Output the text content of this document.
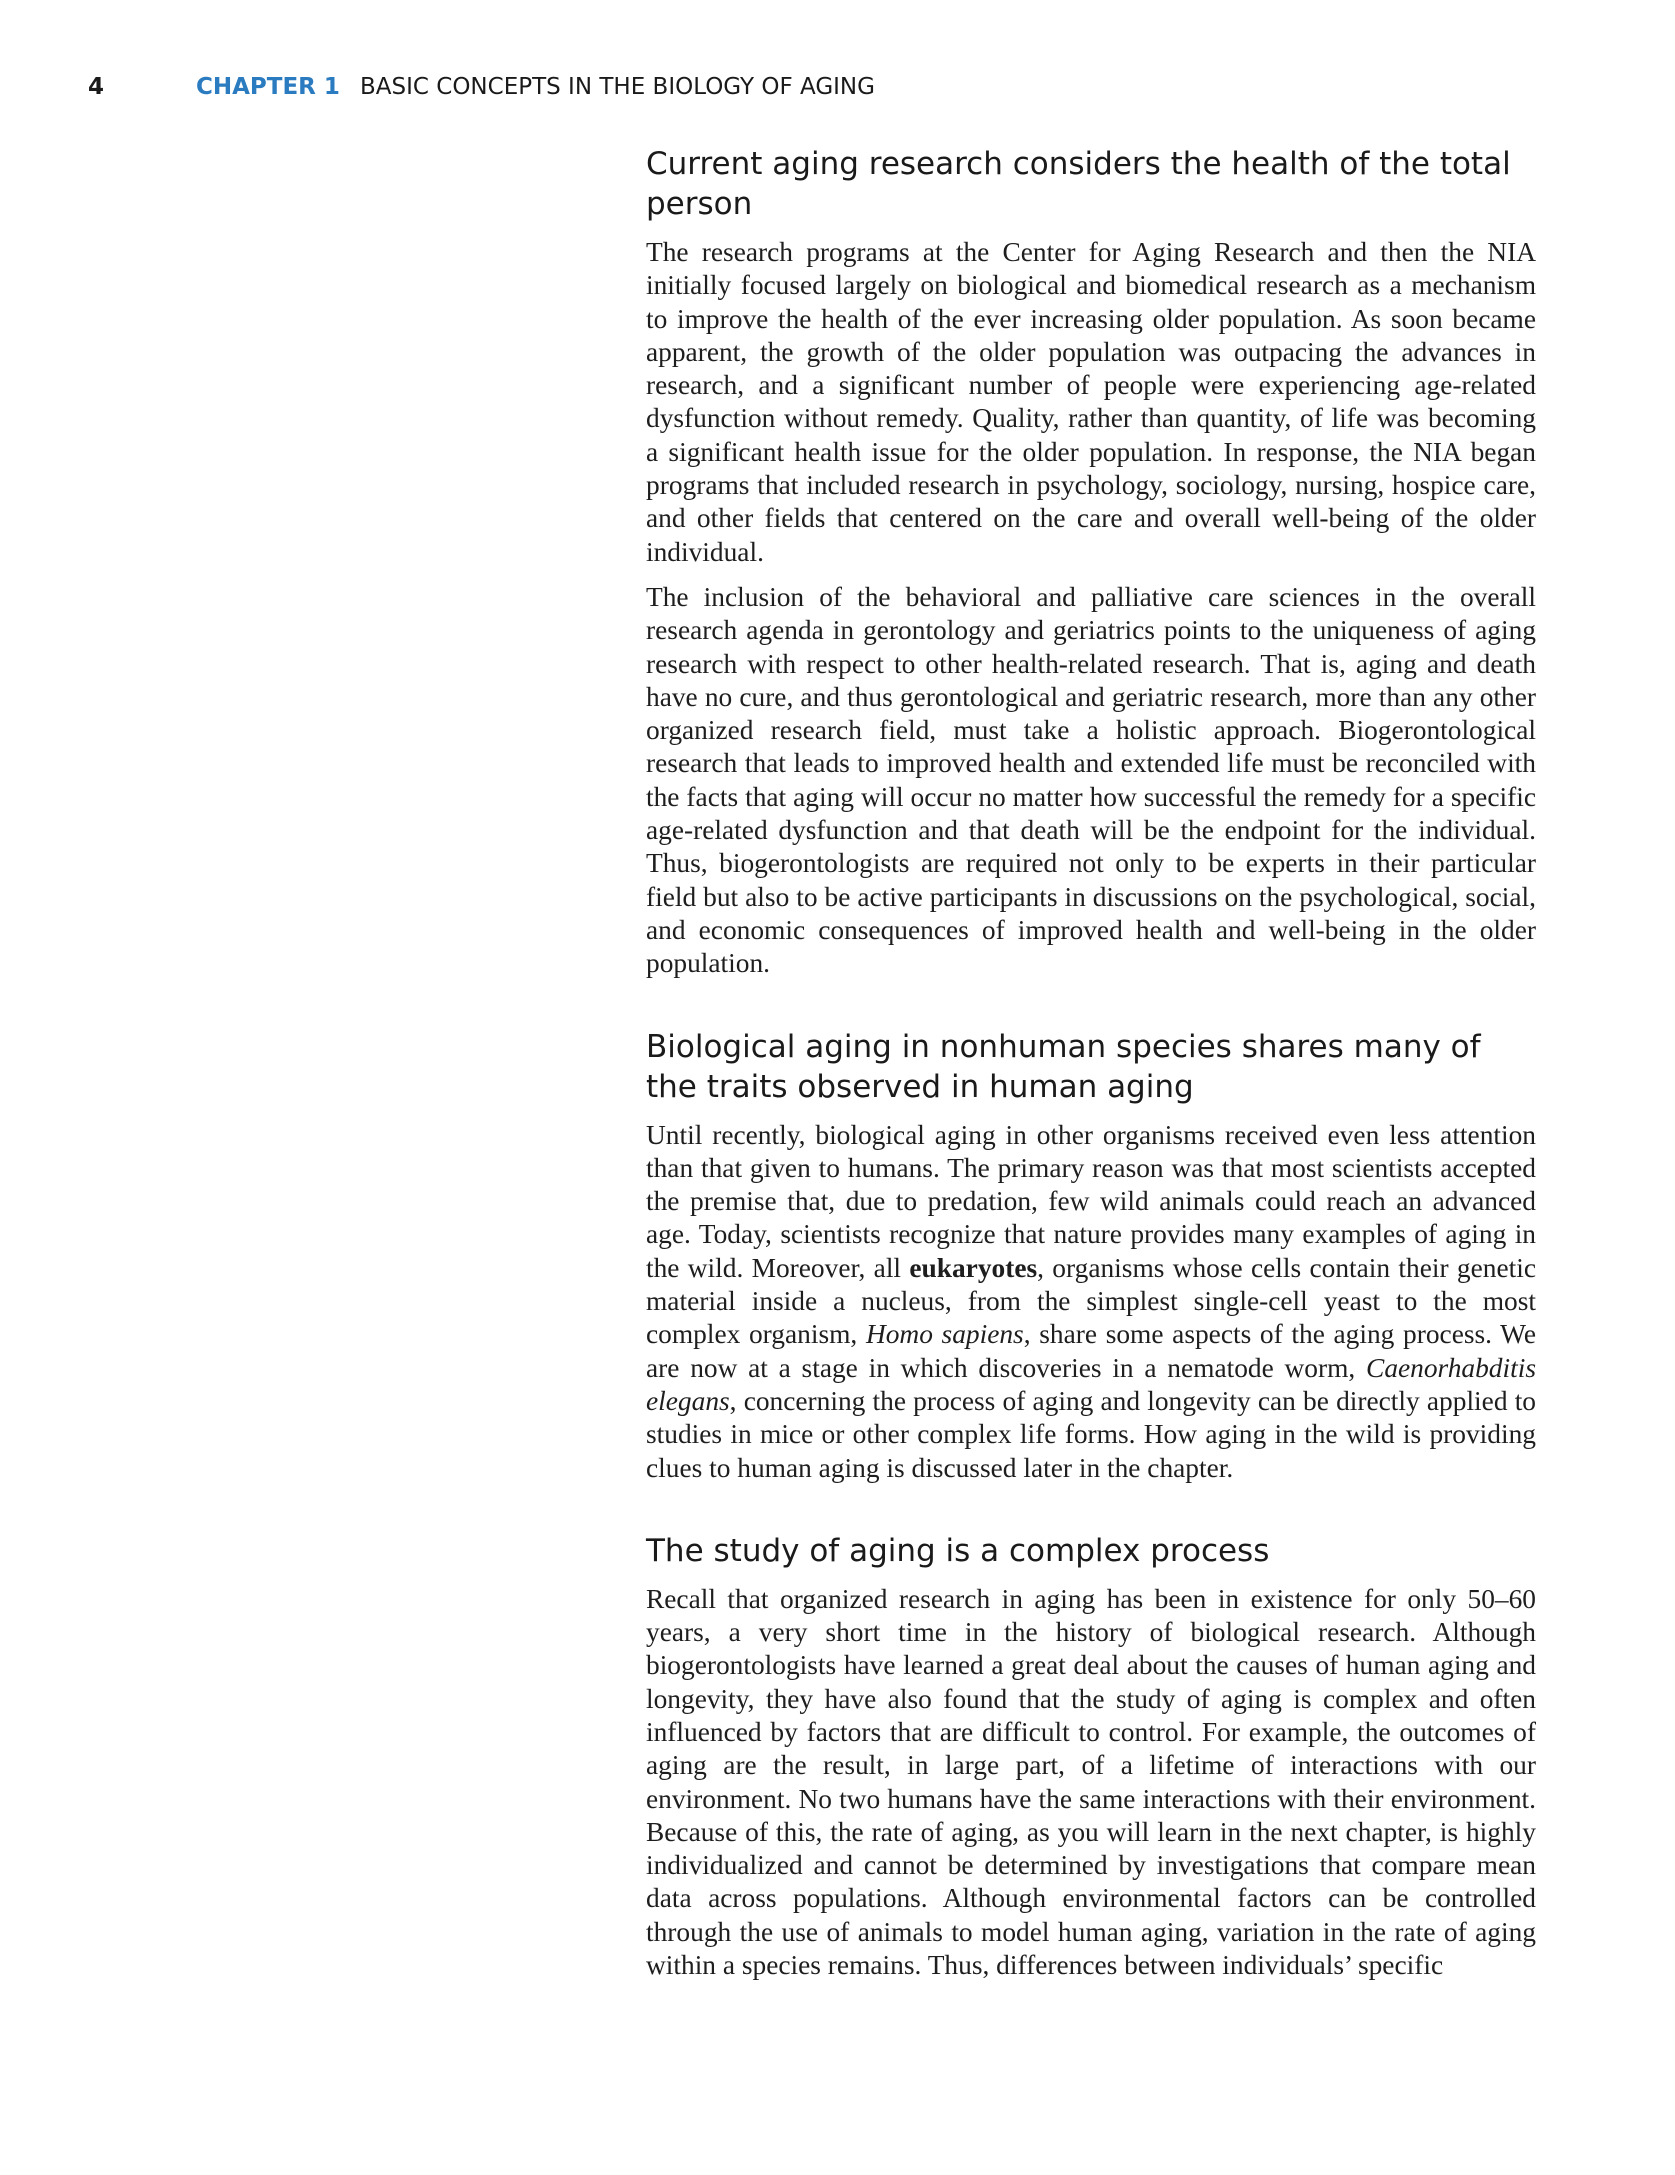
4	CHAPTER 1 BASIC CONCEPTS IN THE BIOLOGY OF AGING
Current aging research considers the health of the total person

The research programs at the Center for Aging Research and then the NIA initially focused largely on biological and biomedical research as a mechanism to improve the health of the ever increasing older population. As soon became apparent, the growth of the older population was outpacing the advances in research, and a significant number of people were experiencing age-related dysfunction without remedy. Quality, rather than quantity, of life was becoming a significant health issue for the older population. In response, the NIA began programs that included research in psychology, sociology, nursing, hospice care, and other fields that centered on the care and overall well-being of the older individual.

The inclusion of the behavioral and palliative care sciences in the overall research agenda in gerontology and geriatrics points to the uniqueness of aging research with respect to other health-related research. That is, aging and death have no cure, and thus gerontological and geriatric research, more than any other organized research field, must take a holistic approach. Biogerontological research that leads to improved health and extended life must be reconciled with the facts that aging will occur no matter how successful the remedy for a specific age-related dysfunction and that death will be the endpoint for the individual. Thus, biogerontologists are required not only to be experts in their particular field but also to be active participants in discussions on the psychological, social, and economic consequences of improved health and well-being in the older population.

Biological aging in nonhuman species shares many of the traits observed in human aging

Until recently, biological aging in other organisms received even less attention than that given to humans. The primary reason was that most scientists accepted the premise that, due to predation, few wild animals could reach an advanced age. Today, scientists recognize that nature provides many examples of aging in the wild. Moreover, all eukaryotes, organisms whose cells contain their genetic material inside a nucleus, from the simplest single-cell yeast to the most complex organism, Homo sapiens, share some aspects of the aging process. We are now at a stage in which discoveries in a nematode worm, Caenorhabditis elegans, concerning the process of aging and longevity can be directly applied to studies in mice or other complex life forms. How aging in the wild is providing clues to human aging is discussed later in the chapter.

The study of aging is a complex process

Recall that organized research in aging has been in existence for only 50–60 years, a very short time in the history of biological research. Although biogerontologists have learned a great deal about the causes of human aging and longevity, they have also found that the study of aging is complex and often influenced by factors that are difficult to control. For example, the outcomes of aging are the result, in large part, of a lifetime of interactions with our environment. No two humans have the same interactions with their environment. Because of this, the rate of aging, as you will learn in the next chapter, is highly individualized and cannot be determined by investigations that compare mean data across populations. Although environmental factors can be controlled through the use of animals to model human aging, variation in the rate of aging within a species remains. Thus, differences between individuals’ specific
